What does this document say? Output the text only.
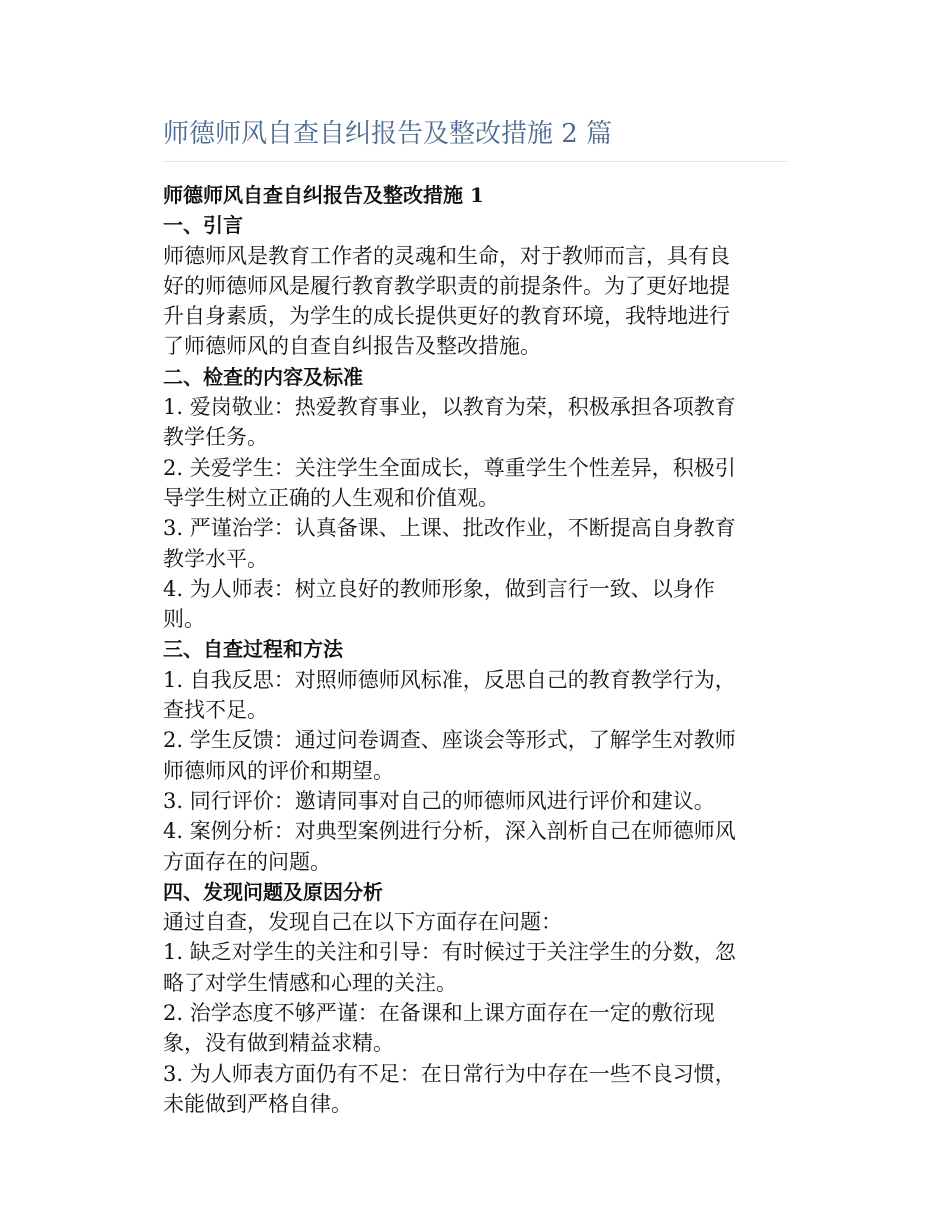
师德师风自查自纠报告及整改措施 2 篇

师德师风自查自纠报告及整改措施 1

一、引言

师德师风是教育工作者的灵魂和生命，对于教师而言，具有良

好的师德师风是履行教育教学职责的前提条件。为了更好地提

升自身素质，为学生的成长提供更好的教育环境，我特地进行

了师德师风的自查自纠报告及整改措施。

二、检查的内容及标准

1. 爱岗敬业：热爱教育事业，以教育为荣，积极承担各项教育

教学任务。

2. 关爱学生：关注学生全面成长，尊重学生个性差异，积极引

导学生树立正确的人生观和价值观。

3. 严谨治学：认真备课、上课、批改作业，不断提高自身教育

教学水平。

4. 为人师表：树立良好的教师形象，做到言行一致、以身作

则。

三、自查过程和方法

1. 自我反思：对照师德师风标准，反思自己的教育教学行为，

查找不足。

2. 学生反馈：通过问卷调查、座谈会等形式，了解学生对教师

师德师风的评价和期望。

3. 同行评价：邀请同事对自己的师德师风进行评价和建议。

4. 案例分析：对典型案例进行分析，深入剖析自己在师德师风

方面存在的问题。

四、发现问题及原因分析

通过自查，发现自己在以下方面存在问题：

1. 缺乏对学生的关注和引导：有时候过于关注学生的分数，忽

略了对学生情感和心理的关注。

2. 治学态度不够严谨：在备课和上课方面存在一定的敷衍现

象，没有做到精益求精。

3. 为人师表方面仍有不足：在日常行为中存在一些不良习惯，

未能做到严格自律。
